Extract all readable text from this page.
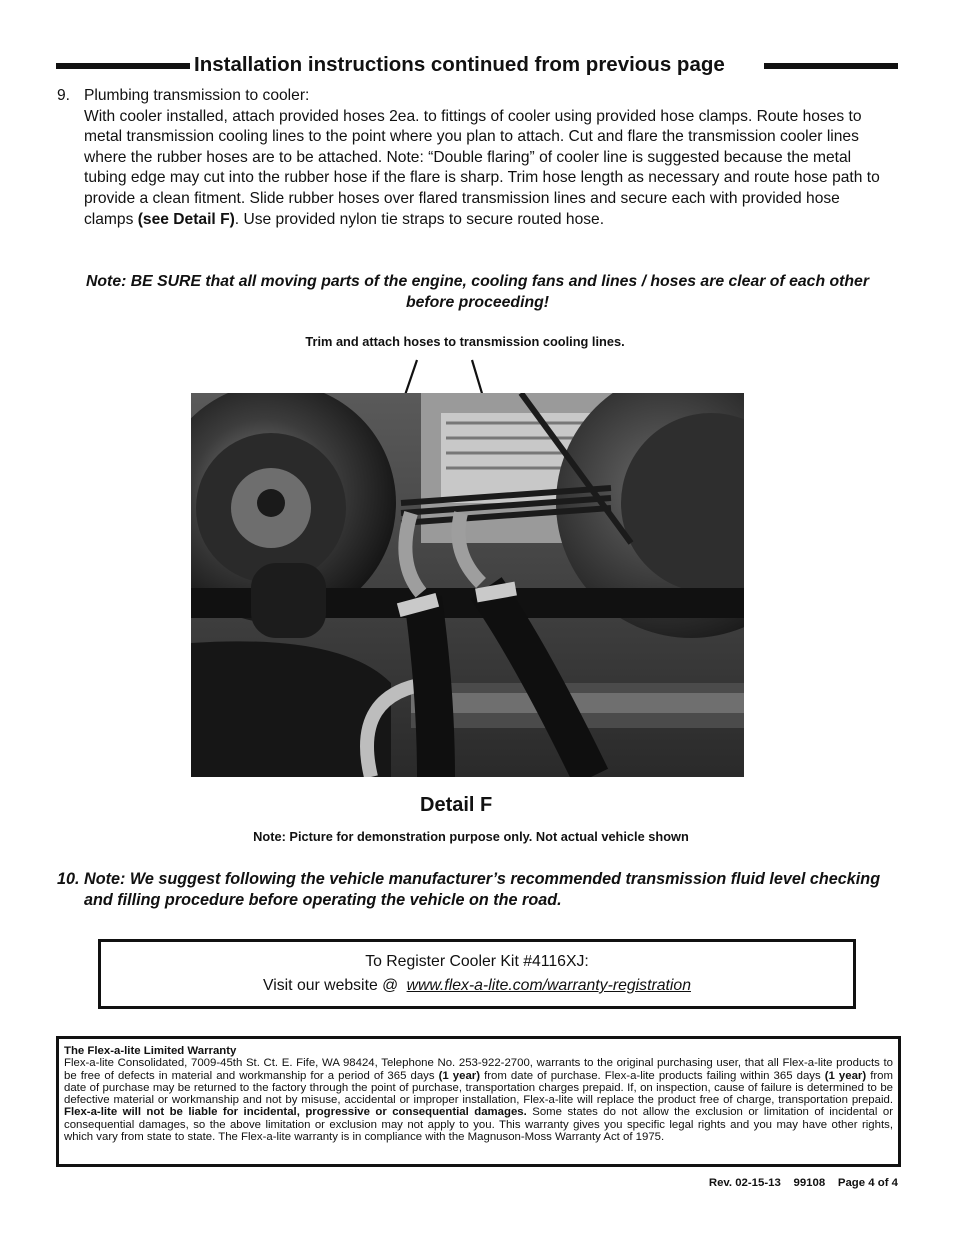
Installation instructions continued from previous page
9. Plumbing transmission to cooler:
With cooler installed, attach provided hoses 2ea. to fittings of cooler using provided hose clamps. Route hoses to metal transmission cooling lines to the point where you plan to attach. Cut and flare the transmission cooler lines where the rubber hoses are to be attached. Note: “Double flaring” of cooler line is suggested because the metal tubing edge may cut into the rubber hose if the flare is sharp. Trim hose length as necessary and route hose path to provide a clean fitment. Slide rubber hoses over flared transmission lines and secure each with provided hose clamps (see Detail F). Use provided nylon tie straps to secure routed hose.
Note: BE SURE that all moving parts of the engine, cooling fans and lines / hoses are clear of each other before proceeding!
Trim and attach hoses to transmission cooling lines.
Detail F
Note: Picture for demonstration purpose only. Not actual vehicle shown
10. Note: We suggest following the vehicle manufacturer’s recommended transmission fluid level checking and filling procedure before operating the vehicle on the road.
To Register Cooler Kit #4116XJ:
Visit our website @ www.flex-a-lite.com/warranty-registration
The Flex-a-lite Limited Warranty
Flex-a-lite Consolidated, 7009-45th St. Ct. E. Fife, WA 98424, Telephone No. 253-922-2700, warrants to the original purchasing user, that all Flex-a-lite products to be free of defects in material and workmanship for a period of 365 days (1 year) from date of purchase. Flex-a-lite products failing within 365 days (1 year) from date of purchase may be returned to the factory through the point of purchase, transportation charges prepaid. If, on inspection, cause of failure is determined to be defective material or workmanship and not by misuse, accidental or improper installation, Flex-a-lite will replace the product free of charge, transportation prepaid. Flex-a-lite will not be liable for incidental, progressive or consequential damages. Some states do not allow the exclusion or limitation of incidental or consequential damages, so the above limitation or exclusion may not apply to you. This warranty gives you specific legal rights and you may have other rights, which vary from state to state. The Flex-a-lite warranty is in compliance with the Magnuson-Moss Warranty Act of 1975.
Rev. 02-15-13 99108 Page 4 of 4
